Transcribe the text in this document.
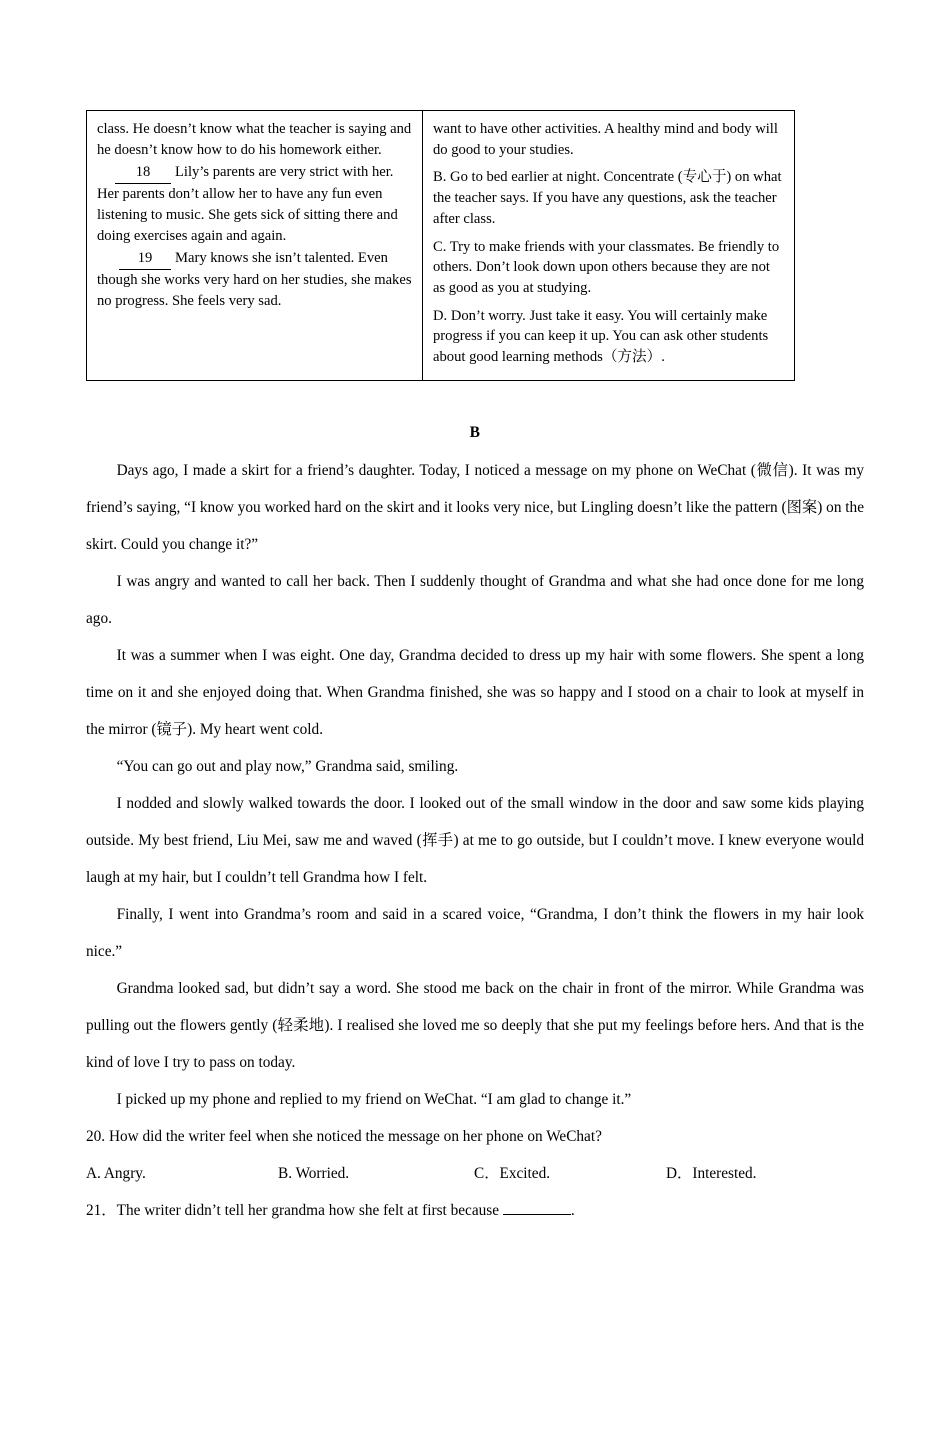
class. He doesn’t know what the teacher is saying and he doesn’t know how to do his homework either.

18 Lily’s parents are very strict with her. Her parents don’t allow her to have any fun even listening to music. She gets sick of sitting there and doing exercises again and again.

19 Mary knows she isn’t talented. Even though she works very hard on her studies, she makes no progress. She feels very sad.

want to have other activities. A healthy mind and body will do good to your studies.

B. Go to bed earlier at night. Concentrate (专心于) on what the teacher says. If you have any questions, ask the teacher after class.

C. Try to make friends with your classmates. Be friendly to others. Don’t look down upon others because they are not as good as you at studying.

D. Don’t worry. Just take it easy. You will certainly make progress if you can keep it up. You can ask other students about good learning methods（方法）.

B

Days ago, I made a skirt for a friend’s daughter. Today, I noticed a message on my phone on WeChat (微信). It was my friend’s saying, “I know you worked hard on the skirt and it looks very nice, but Lingling doesn’t like the pattern (图案) on the skirt. Could you change it?”

I was angry and wanted to call her back. Then I suddenly thought of Grandma and what she had once done for me long ago.

It was a summer when I was eight. One day, Grandma decided to dress up my hair with some flowers. She spent a long time on it and she enjoyed doing that. When Grandma finished, she was so happy and I stood on a chair to look at myself in the mirror (镜子). My heart went cold.

“You can go out and play now,” Grandma said, smiling.

I nodded and slowly walked towards the door. I looked out of the small window in the door and saw some kids playing outside. My best friend, Liu Mei, saw me and waved (挥手) at me to go outside, but I couldn’t move. I knew everyone would laugh at my hair, but I couldn’t tell Grandma how I felt.

Finally, I went into Grandma’s room and said in a scared voice, “Grandma, I don’t think the flowers in my hair look nice.”

Grandma looked sad, but didn’t say a word. She stood me back on the chair in front of the mirror. While Grandma was pulling out the flowers gently (轻柔地). I realised she loved me so deeply that she put my feelings before hers. And that is the kind of love I try to pass on today.

I picked up my phone and replied to my friend on WeChat. “I am glad to change it.”

20. How did the writer feel when she noticed the message on her phone on WeChat?

A. Angry.	B. Worried.	C．Excited.	D．Interested.

21．The writer didn’t tell her grandma how she felt at first because	.
